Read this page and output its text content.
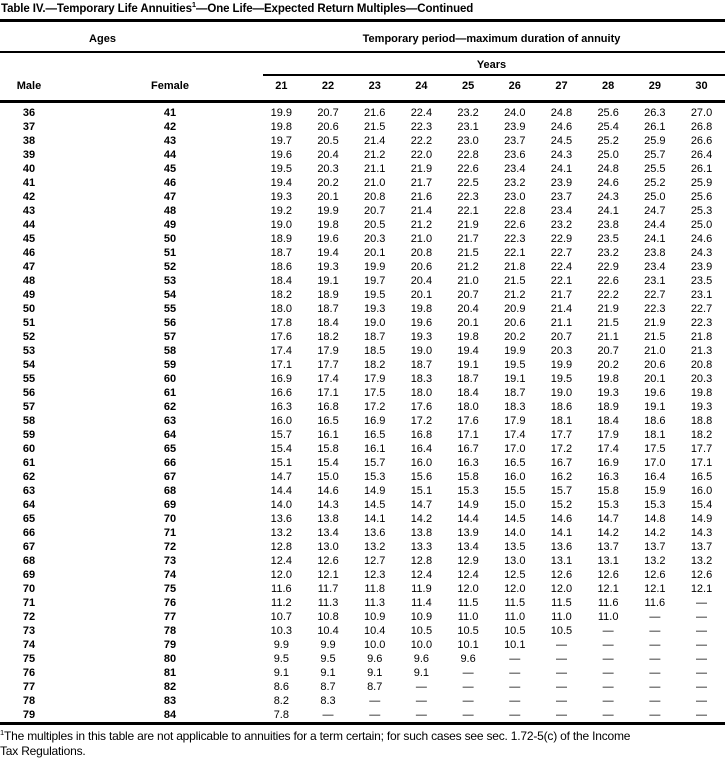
Table IV.—Temporary Life Annuities$^1$—One Life—Expected Return Multiples—Continued
Ages	Temporary period—maximum duration of annuity
Years
Male	Female	21	22	23	24	25	26	27	28	29	30
36	41	19.9	20.7	21.6	22.4	23.2	24.0	24.8	25.6	26.3	27.0
37	42	19.8	20.6	21.5	22.3	23.1	23.9	24.6	25.4	26.1	26.8
38	43	19.7	20.5	21.4	22.2	23.0	23.7	24.5	25.2	25.9	26.6
39	44	19.6	20.4	21.2	22.0	22.8	23.6	24.3	25.0	25.7	26.4
40	45	19.5	20.3	21.1	21.9	22.6	23.4	24.1	24.8	25.5	26.1
41	46	19.4	20.2	21.0	21.7	22.5	23.2	23.9	24.6	25.2	25.9
42	47	19.3	20.1	20.8	21.6	22.3	23.0	23.7	24.3	25.0	25.6
43	48	19.2	19.9	20.7	21.4	22.1	22.8	23.4	24.1	24.7	25.3
44	49	19.0	19.8	20.5	21.2	21.9	22.6	23.2	23.8	24.4	25.0
45	50	18.9	19.6	20.3	21.0	21.7	22.3	22.9	23.5	24.1	24.6
46	51	18.7	19.4	20.1	20.8	21.5	22.1	22.7	23.2	23.8	24.3
47	52	18.6	19.3	19.9	20.6	21.2	21.8	22.4	22.9	23.4	23.9
48	53	18.4	19.1	19.7	20.4	21.0	21.5	22.1	22.6	23.1	23.5
49	54	18.2	18.9	19.5	20.1	20.7	21.2	21.7	22.2	22.7	23.1
50	55	18.0	18.7	19.3	19.8	20.4	20.9	21.4	21.9	22.3	22.7
51	56	17.8	18.4	19.0	19.6	20.1	20.6	21.1	21.5	21.9	22.3
52	57	17.6	18.2	18.7	19.3	19.8	20.2	20.7	21.1	21.5	21.8
53	58	17.4	17.9	18.5	19.0	19.4	19.9	20.3	20.7	21.0	21.3
54	59	17.1	17.7	18.2	18.7	19.1	19.5	19.9	20.2	20.6	20.8
55	60	16.9	17.4	17.9	18.3	18.7	19.1	19.5	19.8	20.1	20.3
56	61	16.6	17.1	17.5	18.0	18.4	18.7	19.0	19.3	19.6	19.8
57	62	16.3	16.8	17.2	17.6	18.0	18.3	18.6	18.9	19.1	19.3
58	63	16.0	16.5	16.9	17.2	17.6	17.9	18.1	18.4	18.6	18.8
59	64	15.7	16.1	16.5	16.8	17.1	17.4	17.7	17.9	18.1	18.2
60	65	15.4	15.8	16.1	16.4	16.7	17.0	17.2	17.4	17.5	17.7
61	66	15.1	15.4	15.7	16.0	16.3	16.5	16.7	16.9	17.0	17.1
62	67	14.7	15.0	15.3	15.6	15.8	16.0	16.2	16.3	16.4	16.5
63	68	14.4	14.6	14.9	15.1	15.3	15.5	15.7	15.8	15.9	16.0
64	69	14.0	14.3	14.5	14.7	14.9	15.0	15.2	15.3	15.3	15.4
65	70	13.6	13.8	14.1	14.2	14.4	14.5	14.6	14.7	14.8	14.9
66	71	13.2	13.4	13.6	13.8	13.9	14.0	14.1	14.2	14.2	14.3
67	72	12.8	13.0	13.2	13.3	13.4	13.5	13.6	13.7	13.7	13.7
68	73	12.4	12.6	12.7	12.8	12.9	13.0	13.1	13.1	13.2	13.2
69	74	12.0	12.1	12.3	12.4	12.4	12.5	12.6	12.6	12.6	12.6
70	75	11.6	11.7	11.8	11.9	12.0	12.0	12.0	12.1	12.1	12.1
71	76	11.2	11.3	11.3	11.4	11.5	11.5	11.5	11.6	11.6	—
72	77	10.7	10.8	10.9	10.9	11.0	11.0	11.0	11.0	—	—
73	78	10.3	10.4	10.4	10.5	10.5	10.5	10.5	—	—	—
74	79	9.9	9.9	10.0	10.0	10.1	10.1	—	—	—	—
75	80	9.5	9.5	9.6	9.6	9.6	—	—	—	—	—
76	81	9.1	9.1	9.1	9.1	—	—	—	—	—	—
77	82	8.6	8.7	8.7	—	—	—	—	—	—	—
78	83	8.2	8.3	—	—	—	—	—	—	—	—
79	84	7.8	—	—	—	—	—	—	—	—	—
$^1$The multiples in this table are not applicable to annuities for a term certain; for such cases see sec. 1.72-5(c) of the Income
Tax Regulations.
